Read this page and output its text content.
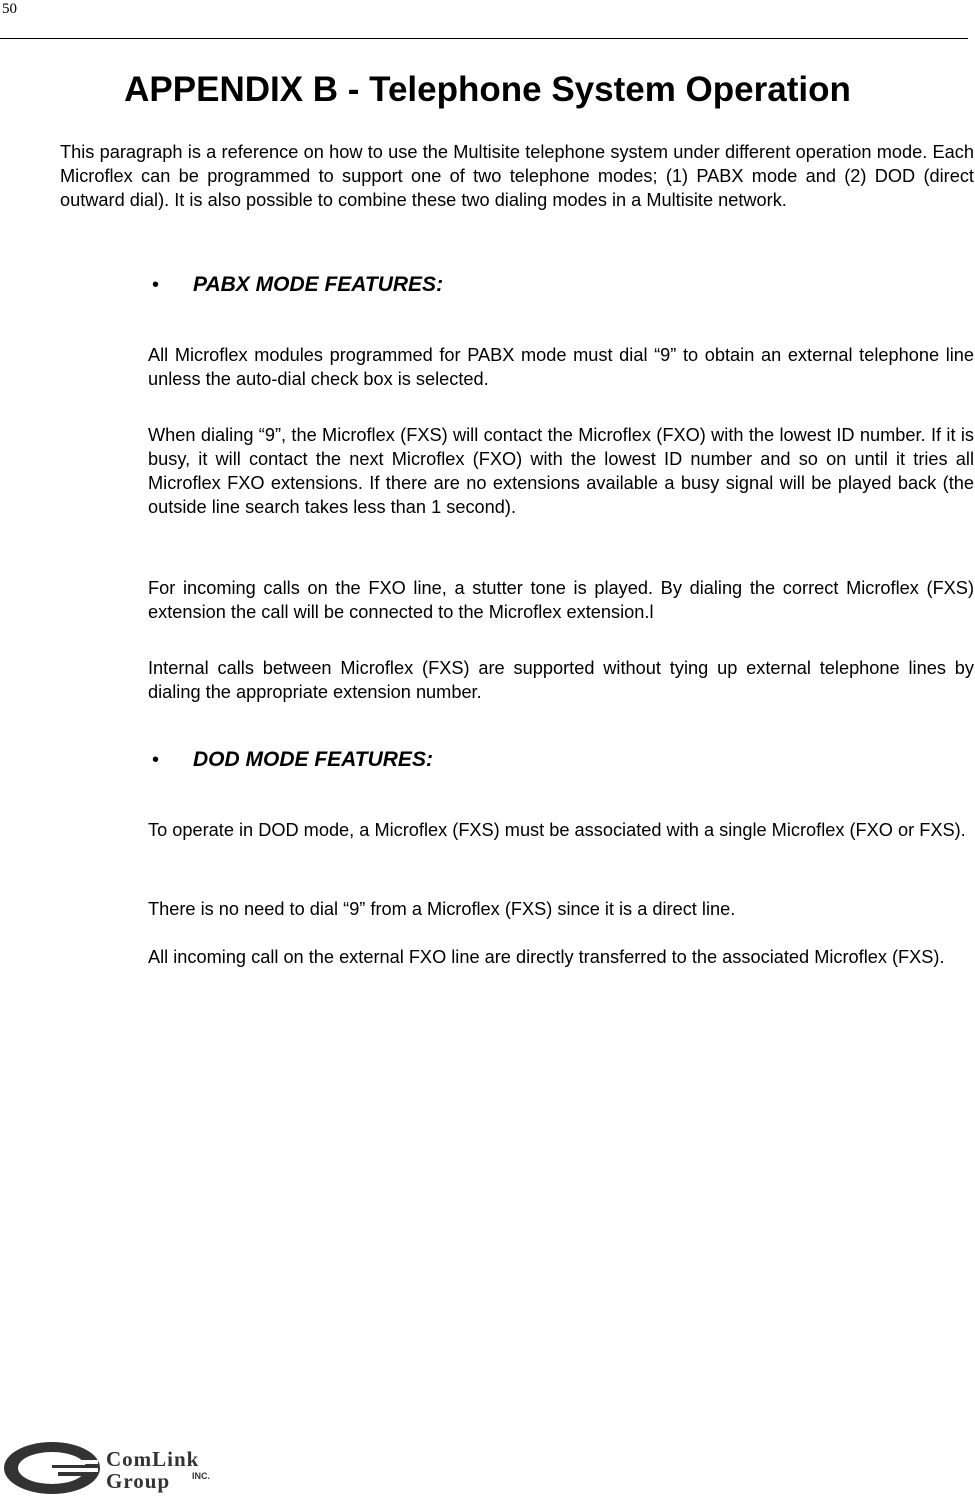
50
APPENDIX B - Telephone System Operation

This paragraph is a reference on how to use the Multisite telephone system under different operation mode. Each Microflex can be programmed to support one of two telephone modes; (1) PABX mode and (2) DOD (direct outward dial). It is also possible to combine these two dialing modes in a Multisite network.

• PABX MODE FEATURES:

All Microflex modules programmed for PABX mode must dial “9” to obtain an external telephone line unless the auto-dial check box is selected.

When dialing “9”, the Microflex (FXS) will contact the Microflex (FXO) with the lowest ID number. If it is busy, it will contact the next Microflex (FXO) with the lowest ID number and so on until it tries all Microflex FXO extensions. If there are no extensions available a busy signal will be played back (the outside line search takes less than 1 second).

For incoming calls on the FXO line, a stutter tone is played. By dialing the correct Microflex (FXS) extension the call will be connected to the Microflex extension.l

Internal calls between Microflex (FXS) are supported without tying up external telephone lines by dialing the appropriate extension number.

• DOD MODE FEATURES:

To operate in DOD mode, a Microflex (FXS) must be associated with a single Microflex (FXO or FXS).

There is no need to dial “9” from a Microflex (FXS) since it is a direct line.

All incoming call on the external FXO line are directly transferred to the associated Microflex (FXS).

ComLink
Group INC.
